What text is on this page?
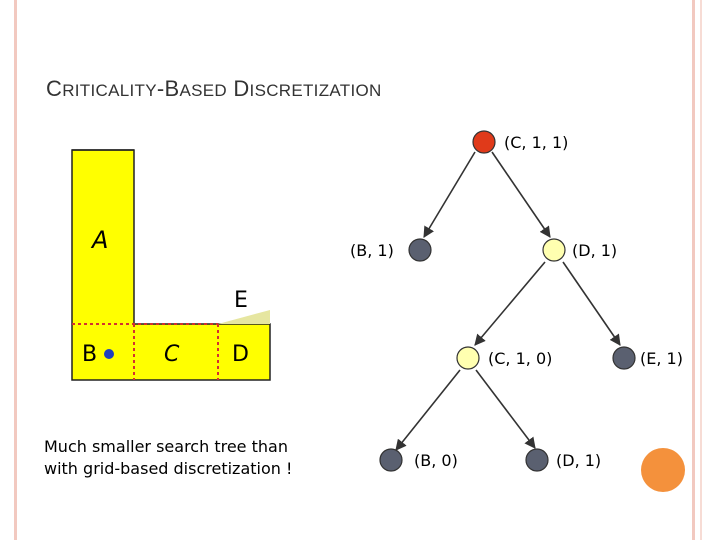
CRITICALITY-BASED DISCRETIZATION
A
E
B	C D
(C, 1, 1)
(B, 1)	(D, 1)
(C, 1, 0)	(E, 1)
(B, 0)	(D, 1)
Much smaller search tree than
with grid-based discretization !
